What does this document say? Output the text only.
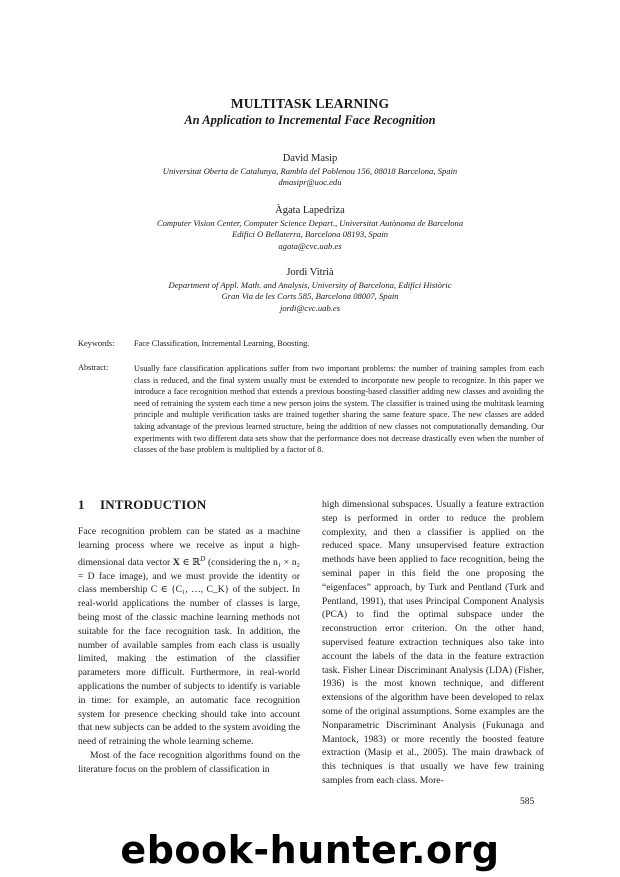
MULTITASK LEARNING
An Application to Incremental Face Recognition
David Masip
Universitat Oberta de Catalunya, Rambla del Poblenou 156, 08018 Barcelona, Spain
dmasipr@uoc.edu
Àgata Lapedriza
Computer Vision Center, Computer Science Depart., Universitat Autònoma de Barcelona
Edifici O Bellaterra, Barcelona 08193, Spain
agata@cvc.uab.es
Jordi Vitrià
Department of Appl. Math. and Analysis, University of Barcelona, Edifici Històric
Gran Via de les Corts 585, Barcelona 08007, Spain
jordi@cvc.uab.es
Keywords: Face Classification, Incremental Learning, Boosting.
Abstract:	Usually face classification applications suffer from two important problems: the number of training samples from each class is reduced, and the final system usually must be extended to incorporate new people to recognize. In this paper we introduce a face recognition method that extends a previous boosting-based classifier adding new classes and avoiding the need of retraining the system each time a new person joins the system. The classifier is trained using the multitask learning principle and multiple verification tasks are trained together sharing the same feature space. The new classes are added taking advantage of the previous learned structure, being the addition of new classes not computationally demanding. Our experiments with two different data sets show that the performance does not decrease drastically even when the number of classes of the base problem is multiplied by a factor of 8.
1 INTRODUCTION

Face recognition problem can be stated as a machine learning process where we receive as input a high-dimensional data vector X ∈ ℝ$^D$ (considering the n₁ × n₂ = D face image), and we must provide the identity or class membership C ∈ {C₁, …, C_K} of the subject. In real-world applications the number of classes is large, being most of the classic machine learning methods not suitable for the face recognition task. In addition, the number of available samples from each class is usually limited, making the estimation of the classifier parameters more difficult. Furthermore, in real-world applications the number of subjects to identify is variable in time: for example, an automatic face recognition system for presence checking should take into account that new subjects can be added to the system avoiding the need of retraining the whole learning scheme.

Most of the face recognition algorithms found on the literature focus on the problem of classification in

high dimensional subspaces. Usually a feature extraction step is performed in order to reduce the problem complexity, and then a classifier is applied on the reduced space. Many unsupervised feature extraction methods have been applied to face recognition, being the seminal paper in this field the one proposing the “eigenfaces” approach, by Turk and Pentland (Turk and Pentland, 1991), that uses Principal Component Analysis (PCA) to find the optimal subspace under the reconstruction error criterion. On the other hand, supervised feature extraction techniques also take into account the labels of the data in the feature extraction task. Fisher Linear Discriminant Analysis (LDA) (Fisher, 1936) is the most known technique, and different extensions of the algorithm have been developed to relax some of the original assumptions. Some examples are the Nonparametric Discriminant Analysis (Fukunaga and Mantock, 1983) or more recently the boosted feature extraction (Masip et al., 2005). The main drawback of this techniques is that usually we have few training samples from each class. More-

585
ebook-hunter.org
